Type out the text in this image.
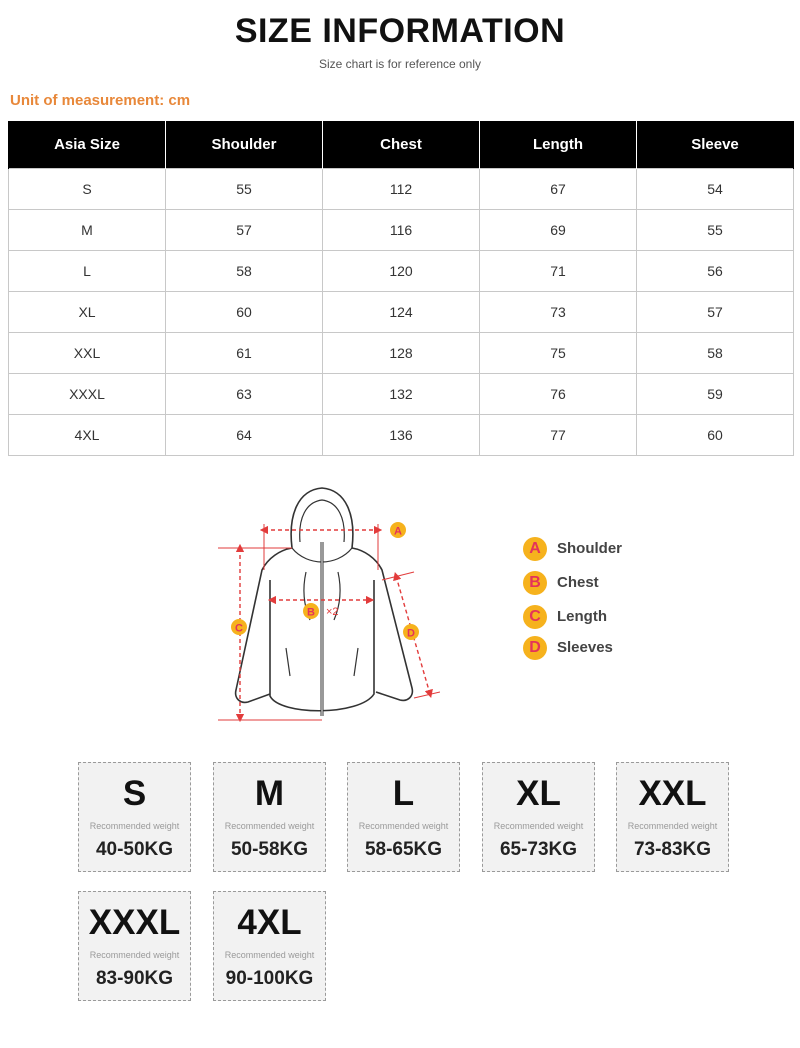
SIZE INFORMATION
Size chart is for reference only
Unit of measurement: cm
Asia Size	Shoulder	Chest	Length	Sleeve
S	55	112	67	54
M	57	116	69	55
L	58	120	71	56
XL	60	124	73	57
XXL	61	128	75	58
XXXL	63	132	76	59
4XL	64	136	77	60
A
B ×2
C	D
A	Shoulder
B	Chest
C	Length
D	Sleeves
S
Recommended weight
40-50KG
M
Recommended weight
50-58KG
L
Recommended weight
58-65KG
XL
Recommended weight
65-73KG
XXL
Recommended weight
73-83KG
XXXL
Recommended weight
83-90KG
4XL
Recommended weight
90-100KG
